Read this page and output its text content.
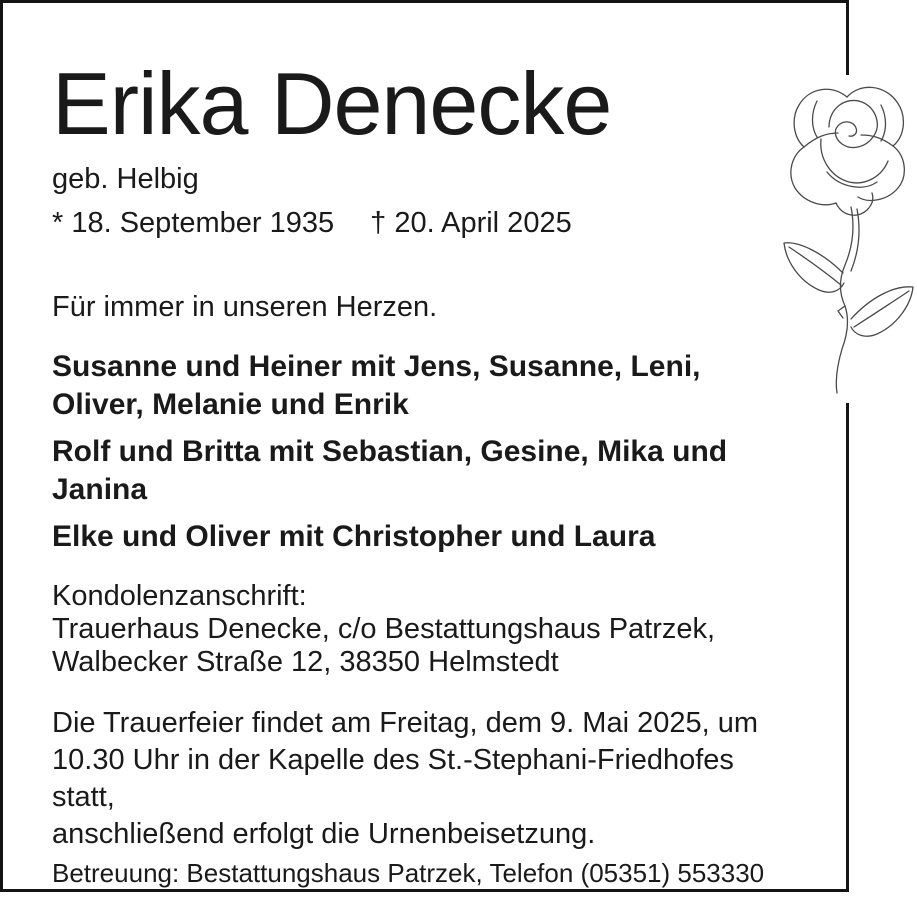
Erika Denecke
geb. Helbig
* 18. September 1935 † 20. April 2025
Für immer in unseren Herzen.

Susanne und Heiner mit Jens, Susanne, Leni,
Oliver, Melanie und Enrik

Rolf und Britta mit Sebastian, Gesine, Mika und
Janina

Elke und Oliver mit Christopher und Laura

Kondolenzanschrift:
Trauerhaus Denecke, c/o Bestattungshaus Patrzek,
Walbecker Straße 12, 38350 Helmstedt
Die Trauerfeier findet am Freitag, dem 9. Mai 2025, um
10.30 Uhr in der Kapelle des St.-Stephani-Friedhofes statt,
anschließend erfolgt die Urnenbeisetzung.
Betreuung: Bestattungshaus Patrzek, Telefon (05351) 553330
